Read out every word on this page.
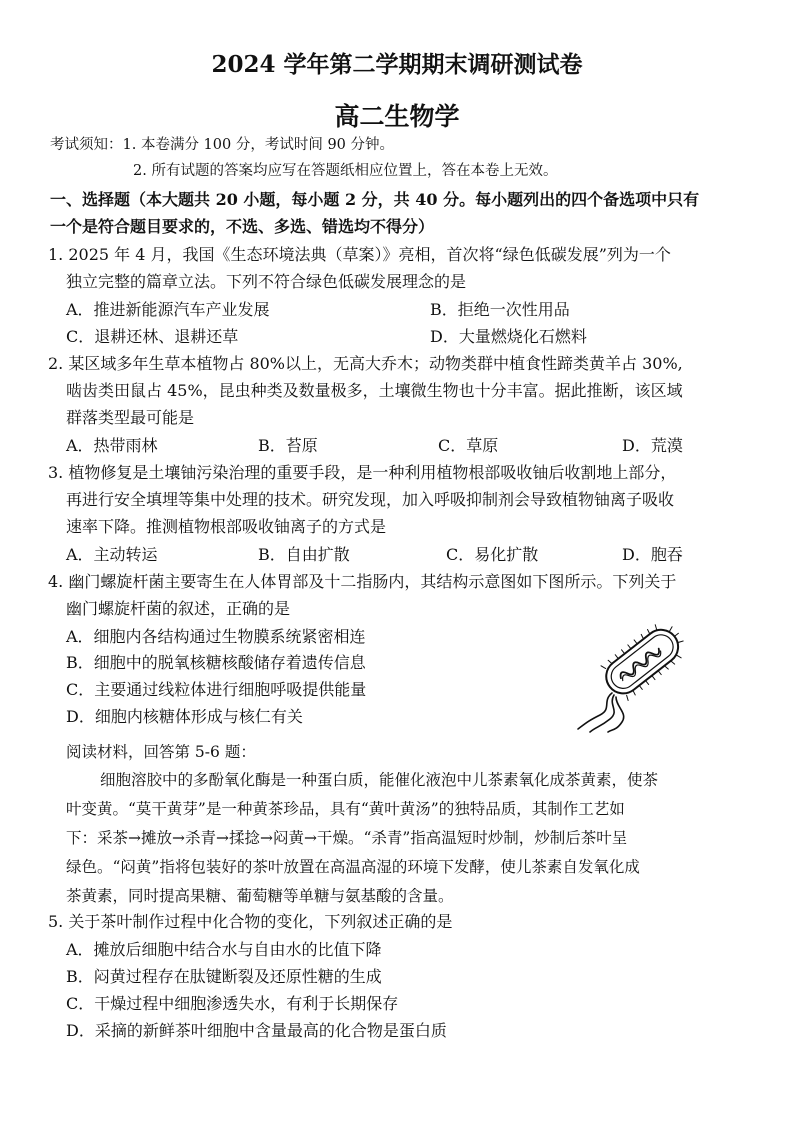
2024 学年第二学期期末调研测试卷
高二生物学
考试须知：1. 本卷满分 100 分，考试时间 90 分钟。
2. 所有试题的答案均应写在答题纸相应位置上，答在本卷上无效。
一、选择题（本大题共 20 小题，每小题 2 分，共 40 分。每小题列出的四个备选项中只有
一个是符合题目要求的，不选、多选、错选均不得分）
1. 2025 年 4 月，我国《生态环境法典（草案）》亮相，首次将“绿色低碳发展”列为一个
独立完整的篇章立法。下列不符合绿色低碳发展理念的是
A．推进新能源汽车产业发展	B．拒绝一次性用品
C．退耕还林、退耕还草	D．大量燃烧化石燃料
2. 某区域多年生草本植物占 80%以上，无高大乔木；动物类群中植食性蹄类黄羊占 30%,
啮齿类田鼠占 45%，昆虫种类及数量极多，土壤微生物也十分丰富。据此推断，该区域
群落类型最可能是
A．热带雨林	B．苔原	C．草原	D．荒漠
3. 植物修复是土壤铀污染治理的重要手段，是一种利用植物根部吸收铀后收割地上部分，
再进行安全填埋等集中处理的技术。研究发现，加入呼吸抑制剂会导致植物铀离子吸收
速率下降。推测植物根部吸收铀离子的方式是
A．主动转运	B．自由扩散	C．易化扩散	D．胞吞
4. 幽门螺旋杆菌主要寄生在人体胃部及十二指肠内，其结构示意图如下图所示。下列关于
幽门螺旋杆菌的叙述，正确的是
A．细胞内各结构通过生物膜系统紧密相连
B．细胞中的脱氧核糖核酸储存着遗传信息
C．主要通过线粒体进行细胞呼吸提供能量
D．细胞内核糖体形成与核仁有关
阅读材料，回答第 5-6 题：
细胞溶胶中的多酚氧化酶是一种蛋白质，能催化液泡中儿茶素氧化成茶黄素，使茶
叶变黄。“莫干黄芽”是一种黄茶珍品，具有“黄叶黄汤”的独特品质，其制作工艺如
下：采茶→摊放→杀青→揉捻→闷黄→干燥。“杀青”指高温短时炒制，炒制后茶叶呈
绿色。“闷黄”指将包装好的茶叶放置在高温高湿的环境下发酵，使儿茶素自发氧化成
茶黄素，同时提高果糖、葡萄糖等单糖与氨基酸的含量。
5. 关于茶叶制作过程中化合物的变化，下列叙述正确的是
A．摊放后细胞中结合水与自由水的比值下降
B．闷黄过程存在肽键断裂及还原性糖的生成
C．干燥过程中细胞渗透失水，有利于长期保存
D．采摘的新鲜茶叶细胞中含量最高的化合物是蛋白质
